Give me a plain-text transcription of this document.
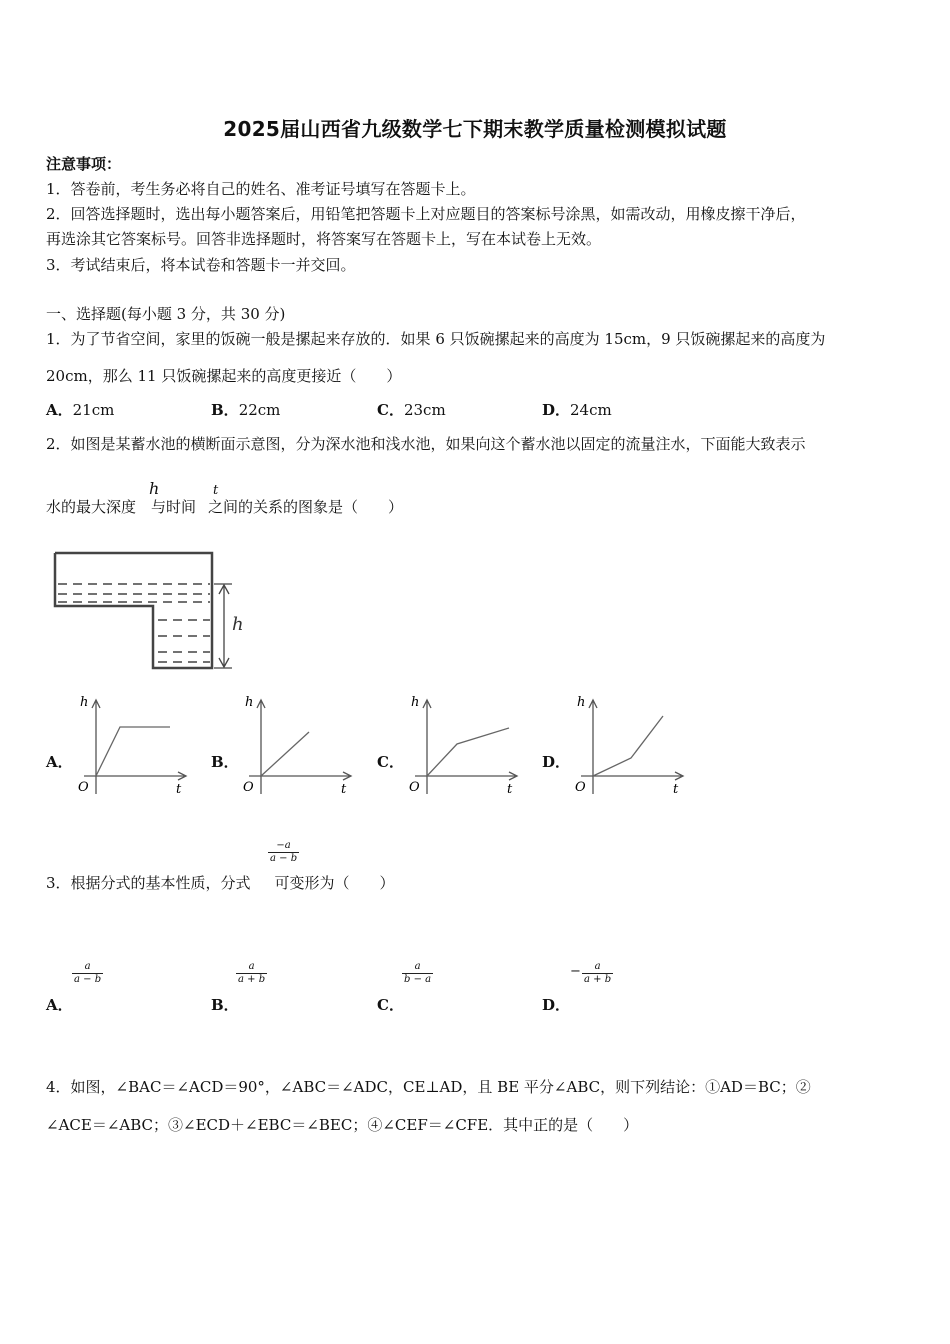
2025届山西省九级数学七下期末教学质量检测模拟试题
注意事项：
1．答卷前，考生务必将自己的姓名、准考证号填写在答题卡上。
2．回答选择题时，选出每小题答案后，用铅笔把答题卡上对应题目的答案标号涂黑，如需改动，用橡皮擦干净后，
再选涂其它答案标号。回答非选择题时，将答案写在答题卡上，写在本试卷上无效。
3．考试结束后，将本试卷和答题卡一并交回。
一、选择题(每小题 3 分，共 30 分)
1．为了节省空间，家里的饭碗一般是摞起来存放的．如果 6 只饭碗摞起来的高度为 15cm，9 只饭碗摞起来的高度为
20cm，那么 11 只饭碗摞起来的高度更接近（　　）
A．21cm	B．22cm	C．23cm	D．24cm
2．如图是某蓄水池的横断面示意图，分为深水池和浅水池，如果向这个蓄水池以固定的流量注水，下面能大致表示
水的最大深度 与时间 之间的关系的图象是（　　）
h	t
h
A．	B．	C．	D．
h
O	t
h
O	t
h
O	t
h
O	t
3．根据分式的基本性质，分式 可变形为（　　）
$\frac{-a}{a - b}$
A．
$\frac{a}{a - b}$
B．
$\frac{a}{a + b}$
C．
$\frac{a}{b - a}$
D．
− $\frac{a}{a + b}$
4．如图，∠BAC＝∠ACD＝90°，∠ABC＝∠ADC，CE⊥AD，且 BE 平分∠ABC，则下列结论：①AD＝BC；②
∠ACE＝∠ABC；③∠ECD＋∠EBC＝∠BEC；④∠CEF＝∠CFE．其中正的是（　　）
